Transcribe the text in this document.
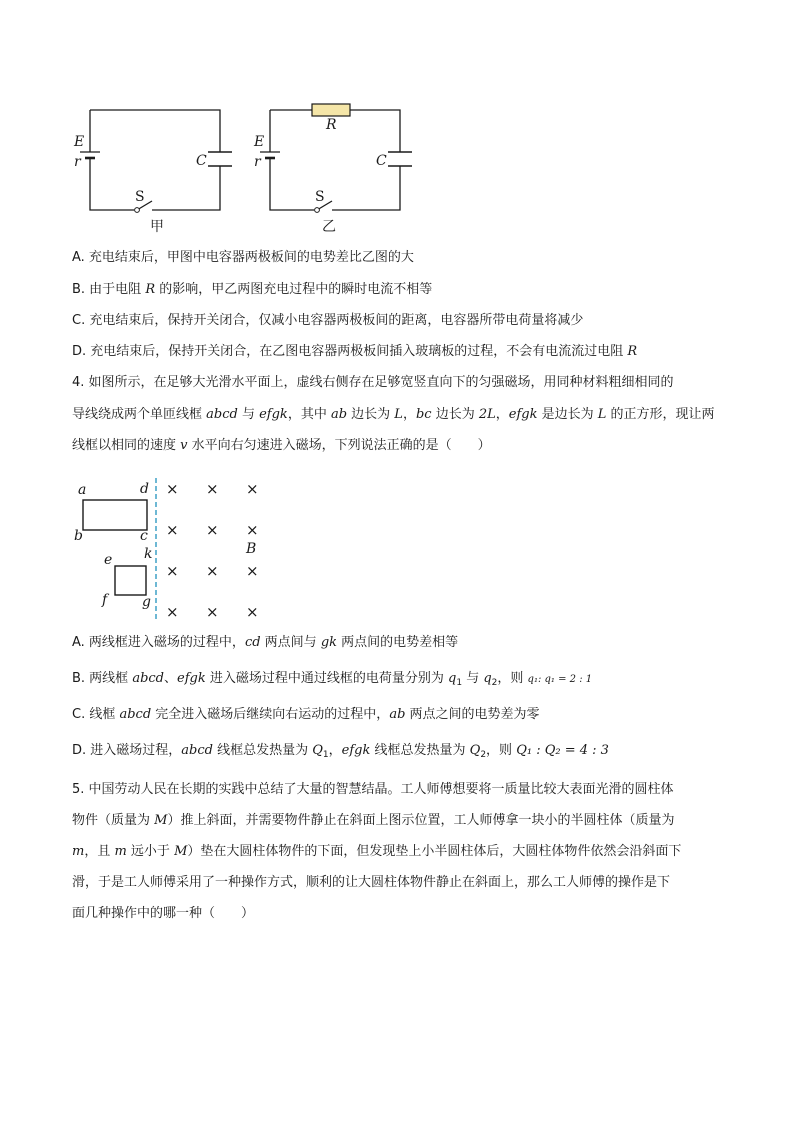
E
r	C
S
甲
R
E
r	C
S
乙
A. 充电结束后，甲图中电容器两极板间的电势差比乙图的大
B. 由于电阻 R 的影响，甲乙两图充电过程中的瞬时电流不相等
C. 充电结束后，保持开关闭合，仅减小电容器两极板间的距离，电容器所带电荷量将减少
D. 充电结束后，保持开关闭合，在乙图电容器两极板间插入玻璃板的过程，不会有电流流过电阻 R
4. 如图所示，在足够大光滑水平面上，虚线右侧存在足够宽竖直向下的匀强磁场，用同种材料粗细相同的
导线绕成两个单匝线框 abcd 与 efgk，其中 ab 边长为 L，bc 边长为 2L，efgk 是边长为 L 的正方形，现让两
线框以相同的速度 v 水平向右匀速进入磁场，下列说法正确的是（　　）
a	d
b	c
e k
f g
B
× × ×
× × ×
× × ×
× × ×
A. 两线框进入磁场的过程中，cd 两点间与 gk 两点间的电势差相等
B. 两线框 abcd、efgk 进入磁场过程中通过线框的电荷量分别为 $q_1$ 与 $q_2$，则 q₁: q₁ = 2 : 1
C. 线框 abcd 完全进入磁场后继续向右运动的过程中，ab 两点之间的电势差为零
D. 进入磁场过程，abcd 线框总发热量为 $Q_1$，efgk 线框总发热量为 $Q_2$，则 Q₁ : Q₂ = 4 : 3
5. 中国劳动人民在长期的实践中总结了大量的智慧结晶。工人师傅想要将一质量比较大表面光滑的圆柱体
物件（质量为 M）推上斜面，并需要物件静止在斜面上图示位置，工人师傅拿一块小的半圆柱体（质量为
m，且 m 远小于 M）垫在大圆柱体物件的下面，但发现垫上小半圆柱体后，大圆柱体物件依然会沿斜面下
滑，于是工人师傅采用了一种操作方式，顺利的让大圆柱体物件静止在斜面上，那么工人师傅的操作是下
面几种操作中的哪一种（　　）
